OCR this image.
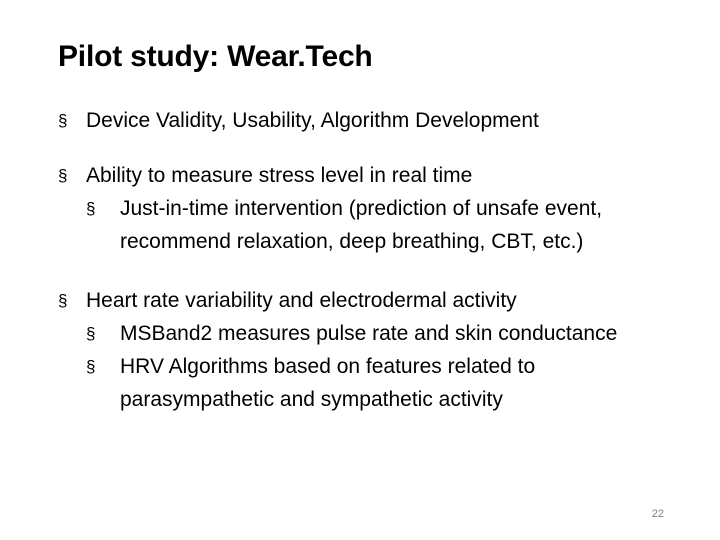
Pilot study: Wear.Tech
§ Device Validity, Usability, Algorithm Development
§ Ability to measure stress level in real time
§ Just-in-time intervention (prediction of unsafe event, recommend relaxation, deep breathing, CBT, etc.)
§ Heart rate variability and electrodermal activity
§ MSBand2 measures pulse rate and skin conductance
§ HRV Algorithms based on features related to parasympathetic and sympathetic activity
22
